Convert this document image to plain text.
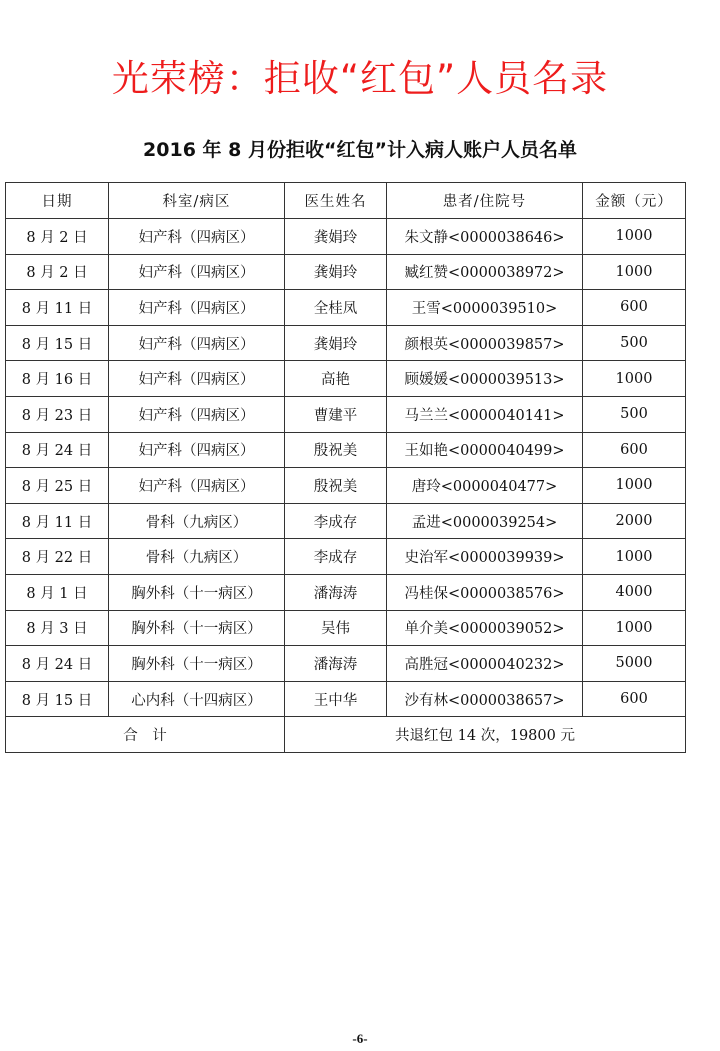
光荣榜：拒收“红包”人员名录
2016 年 8 月份拒收“红包”计入病人账户人员名单
日期	科室/病区	医生姓名	患者/住院号	金额（元）
8 月 2 日	妇产科（四病区）	龚娟玲	朱文静<0000038646>	1000
8 月 2 日	妇产科（四病区）	龚娟玲	臧红赞<0000038972>	1000
8 月 11 日	妇产科（四病区）	全桂凤	王雪<0000039510>	600
8 月 15 日	妇产科（四病区）	龚娟玲	颜根英<0000039857>	500
8 月 16 日	妇产科（四病区）	高艳	顾媛媛<0000039513>	1000
8 月 23 日	妇产科（四病区）	曹建平	马兰兰<0000040141>	500
8 月 24 日	妇产科（四病区）	殷祝美	王如艳<0000040499>	600
8 月 25 日	妇产科（四病区）	殷祝美	唐玲<0000040477>	1000
8 月 11 日	骨科（九病区）	李成存	孟进<0000039254>	2000
8 月 22 日	骨科（九病区）	李成存	史治军<0000039939>	1000
8 月 1 日	胸外科（十一病区）	潘海涛	冯桂保<0000038576>	4000
8 月 3 日	胸外科（十一病区）	吴伟	单介美<0000039052>	1000
8 月 24 日	胸外科（十一病区）	潘海涛	高胜冠<0000040232>	5000
8 月 15 日	心内科（十四病区）	王中华	沙有林<0000038657>	600
合　计		共退红包 14 次，19800 元		
-6-
